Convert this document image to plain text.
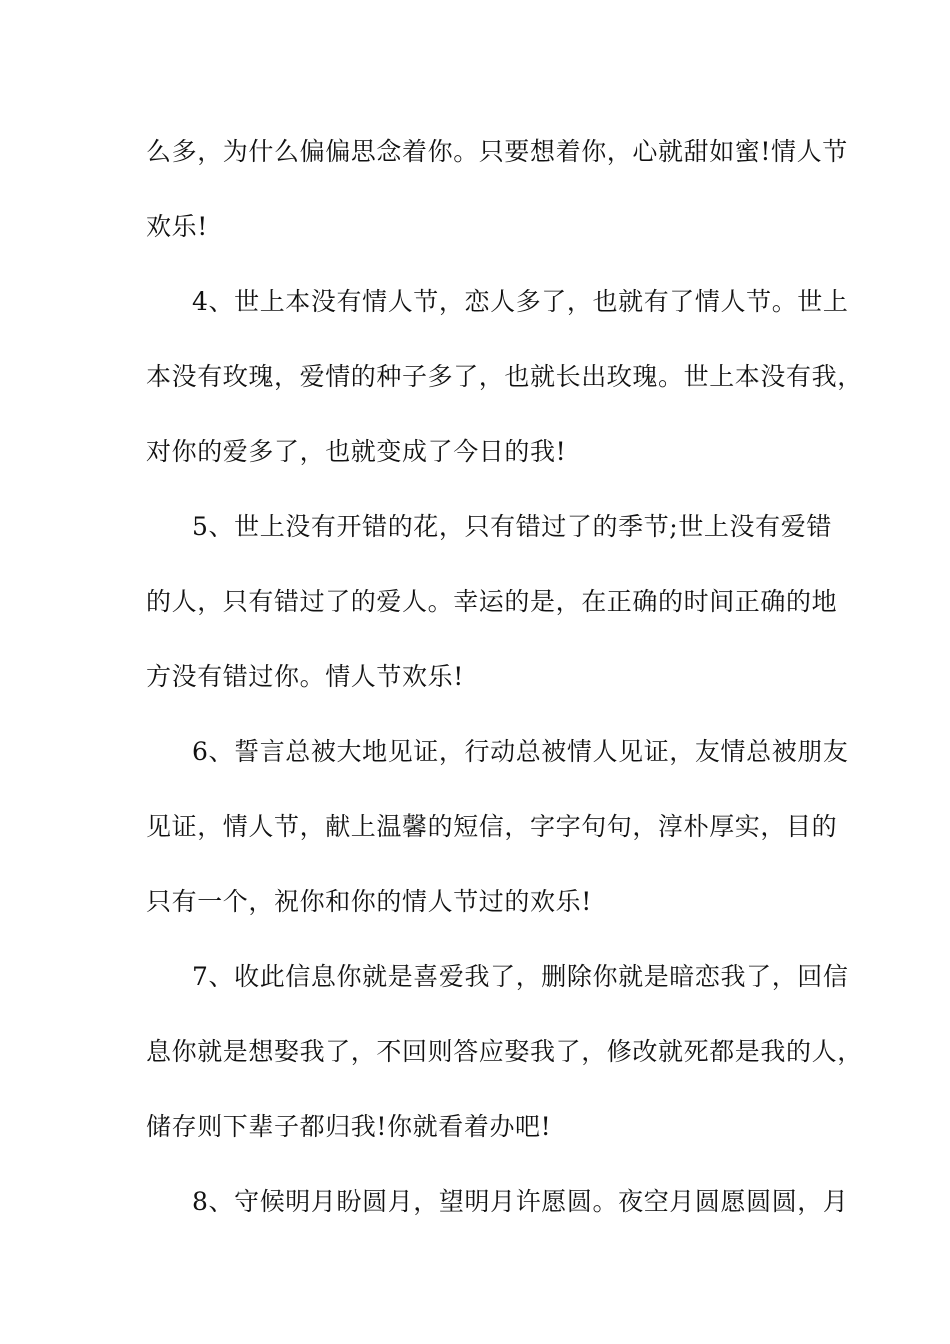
么多，为什么偏偏思念着你。只要想着你，心就甜如蜜!情人节
欢乐!
4、世上本没有情人节，恋人多了，也就有了情人节。世上
本没有玫瑰，爱情的种子多了，也就长出玫瑰。世上本没有我，
对你的爱多了，也就变成了今日的我!
5、世上没有开错的花，只有错过了的季节;世上没有爱错
的人，只有错过了的爱人。幸运的是，在正确的时间正确的地
方没有错过你。情人节欢乐!
6、誓言总被大地见证，行动总被情人见证，友情总被朋友
见证，情人节，献上温馨的短信，字字句句，淳朴厚实，目的
只有一个，祝你和你的情人节过的欢乐!
7、收此信息你就是喜爱我了，删除你就是暗恋我了，回信
息你就是想娶我了，不回则答应娶我了，修改就死都是我的人，
储存则下辈子都归我!你就看着办吧!
8、守候明月盼圆月，望明月许愿圆。夜空月圆愿圆圆，月
